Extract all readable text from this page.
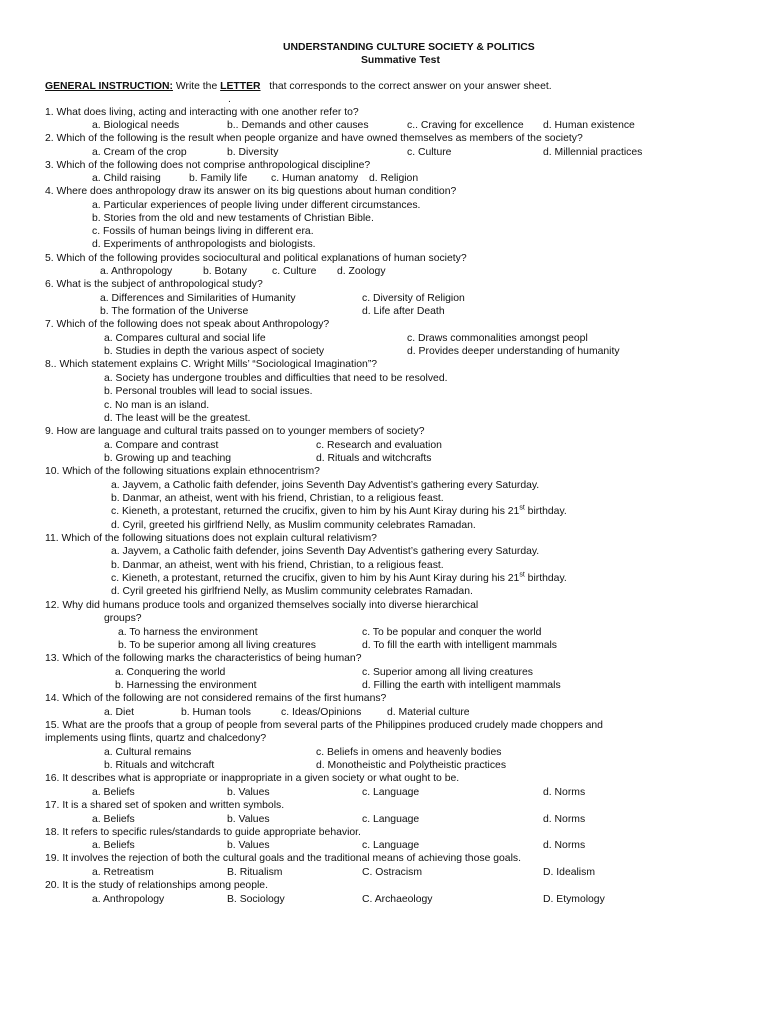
UNDERSTANDING CULTURE SOCIETY & POLITICS
Summative Test
GENERAL INSTRUCTION: Write the LETTER that corresponds to the correct answer on your answer sheet.
.
1. What does living, acting and interacting with one another refer to?
a. Biological needs	b.. Demands and other causes	c.. Craving for excellence d. Human existence
2. Which of the following is the result when people organize and have owned themselves as members of the society?
a. Cream of the crop	b. Diversity	c. Culture	d. Millennial practices
3. Which of the following does not comprise anthropological discipline?
a. Child raising	b. Family life c. Human anatomy d. Religion
4. Where does anthropology draw its answer on its big questions about human condition?
a. Particular experiences of people living under different circumstances.
b. Stories from the old and new testaments of Christian Bible.
c. Fossils of human beings living in different era.
d. Experiments of anthropologists and biologists.
5. Which of the following provides sociocultural and political explanations of human society?
a. Anthropology	b. Botany c. Culture d. Zoology
6. What is the subject of anthropological study?
a. Differences and Similarities of Humanity	c. Diversity of Religion
b. The formation of the Universe	d. Life after Death
7. Which of the following does not speak about Anthropology?
a. Compares cultural and social life	c. Draws commonalities amongst peopl
b. Studies in depth the various aspect of society	d. Provides deeper understanding of humanity
8.. Which statement explains C. Wright Mills’ “Sociological Imagination”?
a. Society has undergone troubles and difficulties that need to be resolved.
b. Personal troubles will lead to social issues.
c. No man is an island.
d. The least will be the greatest.
9. How are language and cultural traits passed on to younger members of society?
a. Compare and contrast	c. Research and evaluation
b. Growing up and teaching	d. Rituals and witchcrafts
10. Which of the following situations explain ethnocentrism?
a. Jayvem, a Catholic faith defender, joins Seventh Day Adventist’s gathering every Saturday.
b. Danmar, an atheist, went with his friend, Christian, to a religious feast.
c. Kieneth, a protestant, returned the crucifix, given to him by his Aunt Kiray during his 21st birthday.
d. Cyril, greeted his girlfriend Nelly, as Muslim community celebrates Ramadan.
11. Which of the following situations does not explain cultural relativism?
a. Jayvem, a Catholic faith defender, joins Seventh Day Adventist’s gathering every Saturday.
b. Danmar, an atheist, went with his friend, Christian, to a religious feast.
c. Kieneth, a protestant, returned the crucifix, given to him by his Aunt Kiray during his 21st birthday.
d. Cyril greeted his girlfriend Nelly, as Muslim community celebrates Ramadan.
12. Why did humans produce tools and organized themselves socially into diverse hierarchical
groups?
a. To harness the environment	c. To be popular and conquer the world
b. To be superior among all living creatures	d. To fill the earth with intelligent mammals
13. Which of the following marks the characteristics of being human?
a. Conquering the world	c. Superior among all living creatures
b. Harnessing the environment	d. Filling the earth with intelligent mammals
14. Which of the following are not considered remains of the first humans?
a. Diet	b. Human tools	c. Ideas/Opinions d. Material culture
15. What are the proofs that a group of people from several parts of the Philippines produced crudely made choppers and
implements using flints, quartz and chalcedony?
a. Cultural remains	c. Beliefs in omens and heavenly bodies
b. Rituals and witchcraft	d. Monotheistic and Polytheistic practices
16. It describes what is appropriate or inappropriate in a given society or what ought to be.
a. Beliefs	b. Values	c. Language	d. Norms
17. It is a shared set of spoken and written symbols.
a. Beliefs	b. Values	c. Language	d. Norms
18. It refers to specific rules/standards to guide appropriate behavior.
a. Beliefs	b. Values	c. Language	d. Norms
19. It involves the rejection of both the cultural goals and the traditional means of achieving those goals.
a. Retreatism	B. Ritualism	C. Ostracism	D. Idealism
20. It is the study of relationships among people.
a. Anthropology	B. Sociology	C. Archaeology	D. Etymology
